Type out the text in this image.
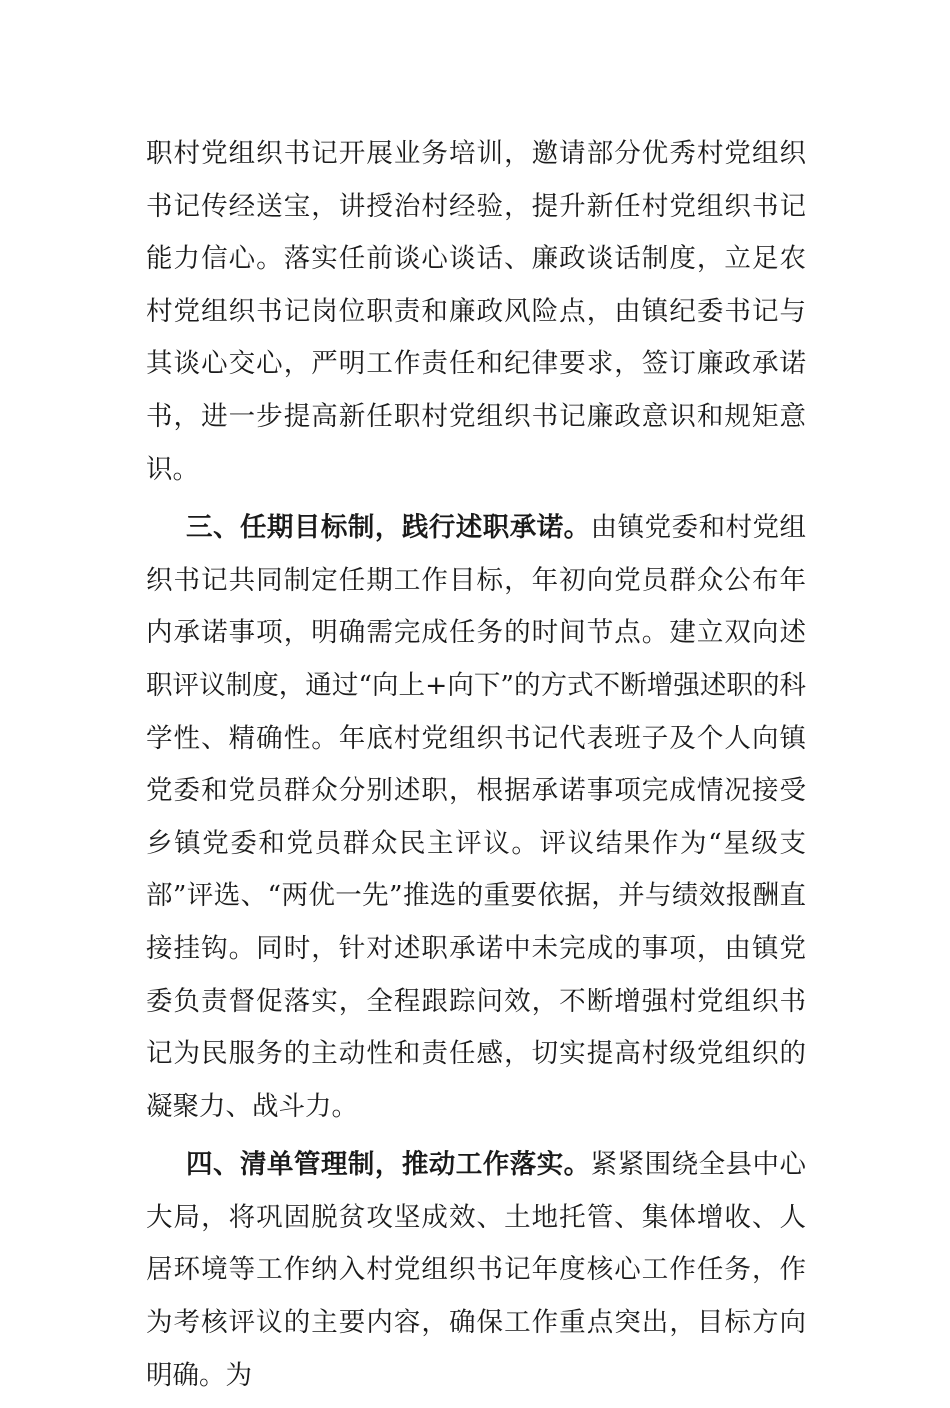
职村党组织书记开展业务培训，邀请部分优秀村党组织书记传经送宝，讲授治村经验，提升新任村党组织书记能力信心。落实任前谈心谈话、廉政谈话制度，立足农村党组织书记岗位职责和廉政风险点，由镇纪委书记与其谈心交心，严明工作责任和纪律要求，签订廉政承诺书，进一步提高新任职村党组织书记廉政意识和规矩意识。

三、任期目标制，践行述职承诺。由镇党委和村党组织书记共同制定任期工作目标，年初向党员群众公布年内承诺事项，明确需完成任务的时间节点。建立双向述职评议制度，通过“向上+向下”的方式不断增强述职的科学性、精确性。年底村党组织书记代表班子及个人向镇党委和党员群众分别述职，根据承诺事项完成情况接受乡镇党委和党员群众民主评议。评议结果作为“星级支部”评选、“两优一先”推选的重要依据，并与绩效报酬直接挂钩。同时，针对述职承诺中未完成的事项，由镇党委负责督促落实，全程跟踪问效，不断增强村党组织书记为民服务的主动性和责任感，切实提高村级党组织的凝聚力、战斗力。

四、清单管理制，推动工作落实。紧紧围绕全县中心大局，将巩固脱贫攻坚成效、土地托管、集体增收、人居环境等工作纳入村党组织书记年度核心工作任务，作为考核评议的主要内容，确保工作重点突出，目标方向明确。为
